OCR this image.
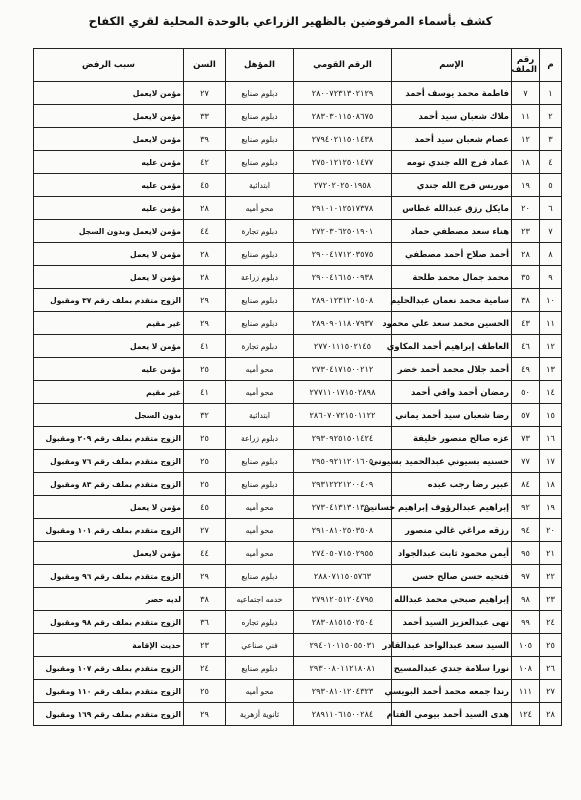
كشف بأسماء المرفوضين بالظهير الزراعي بالوحدة المحلية لقري الكفاح
م	رقم الملف	الإسم	الرقم القومي	المؤهل	السن	سبب الرفض
١	٧	فاطمة محمد يوسف أحمد	٢٨٠٠٧٢٣١٣٠٢١٢٩	دبلوم صنايع	٢٧	مؤمن لايعمل
٢	١١	ملاك شعبان سيد أحمد	٢٨٣٠٣٠١١٥٠٨٦٧٥	دبلوم صنايع	٣٣	مؤمن لايعمل
٣	١٢	عصام شعبان سيد أحمد	٢٧٩٤٠٢١١٥٠١٤٣٨	دبلوم صنايع	٣٩	مؤمن لايعمل
٤	١٨	عماد فرج الله جندي تومه	٢٧٥٠١٢١٢٥٠١٤٧٧	دبلوم صنايع	٤٢	مؤمن عليه
٥	١٩	موريس فرج الله جندي	٢٧٢٠٢٠٢٥٠١٩٥٨	ابتدائية	٤٥	مؤمن عليه
٦	٢٠	مايكل رزق عبدالله غطاس	٢٩١٠١٠١٢٥١٧٣٧٨	محو أميه	٢٨	مؤمن عليه
٧	٢٣	هناء سعد مصطفي حماد	٢٧٢٠٣٠٦٢٥٠١٩٠١	دبلوم تجارة	٤٤	مؤمن لايعمل وبدون السجل
٨	٢٨	أحمد صلاح أحمد مصطفي	٢٩٠٠٤١٧١٢٠٣٥٧٥	دبلوم صنايع	٢٨	مؤمن لا يعمل
٩	٣٥	محمد جمال محمد طلحة	٢٩٠٠٤١٦١٥٠٠٩٣٨	دبلوم زراعة	٢٨	مؤمن لا يعمل
١٠	٣٨	سامية محمد نعمان عبدالحليم	٢٨٩٠١٢٣١٢٠١٥٠٨	دبلوم صنايع	٢٩	الزوج متقدم بملف رقم ٣٧ ومقبول
١١	٤٣	الحسين محمد سعد علي محمود	٢٨٩٠٩٠١١٨٠٧٩٣٧	دبلوم صنايع	٢٩	غير مقيم
١٢	٤٦	العاطف إبراهيم أحمد المكاوي	٢٧٧٠١١١٥٠٢١٤٥	دبلوم تجارة	٤١	مؤمن لا يعمل
١٣	٤٩	أحمد جلال محمد أحمد خضر	٢٧٣٠٤١٧١٥٠٠٢١٢	محو أميه	٢٥	مؤمن عليه
١٤	٥٠	رمضان أحمد وافي أحمد	٢٧٧١١٠١٧١٥٠٢٨٩٨	محو أميه	٤١	غير مقيم
١٥	٥٧	رضا شعبان سيد أحمد يماني	٢٨٦٠٧٠٧٢١٥٠١١٢٢	ابتدائية	٣٢	بدون السجل
١٦	٧٣	عزه صالح منصور خليفة	٢٩٣٠٩٢٥١٥٠١٤٢٤	دبلوم زراعة	٢٥	الزوج متقدم بملف رقم ٢٠٩ ومقبول
١٧	٧٧	حسنيه بسيوني عبدالحميد بسيوني	٢٩٥٠٩٢١١٢٠١٦٠٥	دبلوم صنايع	٢٥	الزوج متقدم بملف رقم ٧٦ ومقبول
١٨	٨٤	عبير رضا رجب عبده	٢٩٣١٢٢٢١٢٠٠٤٠٩	دبلوم صنايع	٢٥	الزوج متقدم بملف رقم ٨٣ ومقبول
١٩	٩٢	إبراهيم عبدالرؤوف إبراهيم حسانين	٢٧٣٠٤١٣١٣٠١٣٥٠	محو أميه	٤٥	مؤمن لا يعمل
٢٠	٩٤	رزقه مراغي غالي منصور	٢٩١٠٨١٠٢٥٠٣٥٠٨	محو أميه	٢٧	الزوج متقدم بملف رقم ١٠١ ومقبول
٢١	٩٥	أيمن محمود ثابت عبدالجواد	٢٧٤٠٥٠٧١٥٠٢٩٥٥	محو أميه	٤٤	مؤمن لايعمل
٢٢	٩٧	فتحيه حسن صالح حسن	٢٨٨٠٧١١٥٠٥٧٦٣	دبلوم صنايع	٢٩	الزوج متقدم بملف رقم ٩٦ ومقبول
٢٣	٩٨	إبراهيم صبحي محمد عبدالله	٢٧٩١٢٠٥١٢٠٤٧٩٥	خدمه اجتماعيه	٣٨	لديه حصر
٢٤	٩٩	نهى عبدالعزيز السيد أحمد	٢٨٣٠٨١٥١٥٠٢٥٠٤	دبلوم تجاره	٣٦	الزوج متقدم بملف رقم ٩٨ ومقبول
٢٥	١٠٥	السيد سعد عبدالواحد عبدالقادر	٢٩٤٠١٠١١٥٠٥٥٠٣١	فني صناعي	٢٣	حديث الإقامة
٢٦	١٠٨	نورا سلامة جندي عبدالمسيح	٢٩٣٠٠٨٠١١٢١٨٠٨١	دبلوم صنايع	٢٤	الزوج متقدم بملف رقم ١٠٧ ومقبول
٢٧	١١١	رندا جمعه محمد أحمد البويسي	٢٩٣٠٨١٠١٢٠٤٣٢٣	محو أميه	٢٥	الزوج متقدم بملف رقم ١١٠ ومقبول
٢٨	١٢٤	هدى السيد أحمد بيومي الفتام	٢٨٩١١٠٦١٥٠٠٢٨٤	ثانوية أزهرية	٢٩	الزوج متقدم بملف رقم ١٦٩ ومقبول
